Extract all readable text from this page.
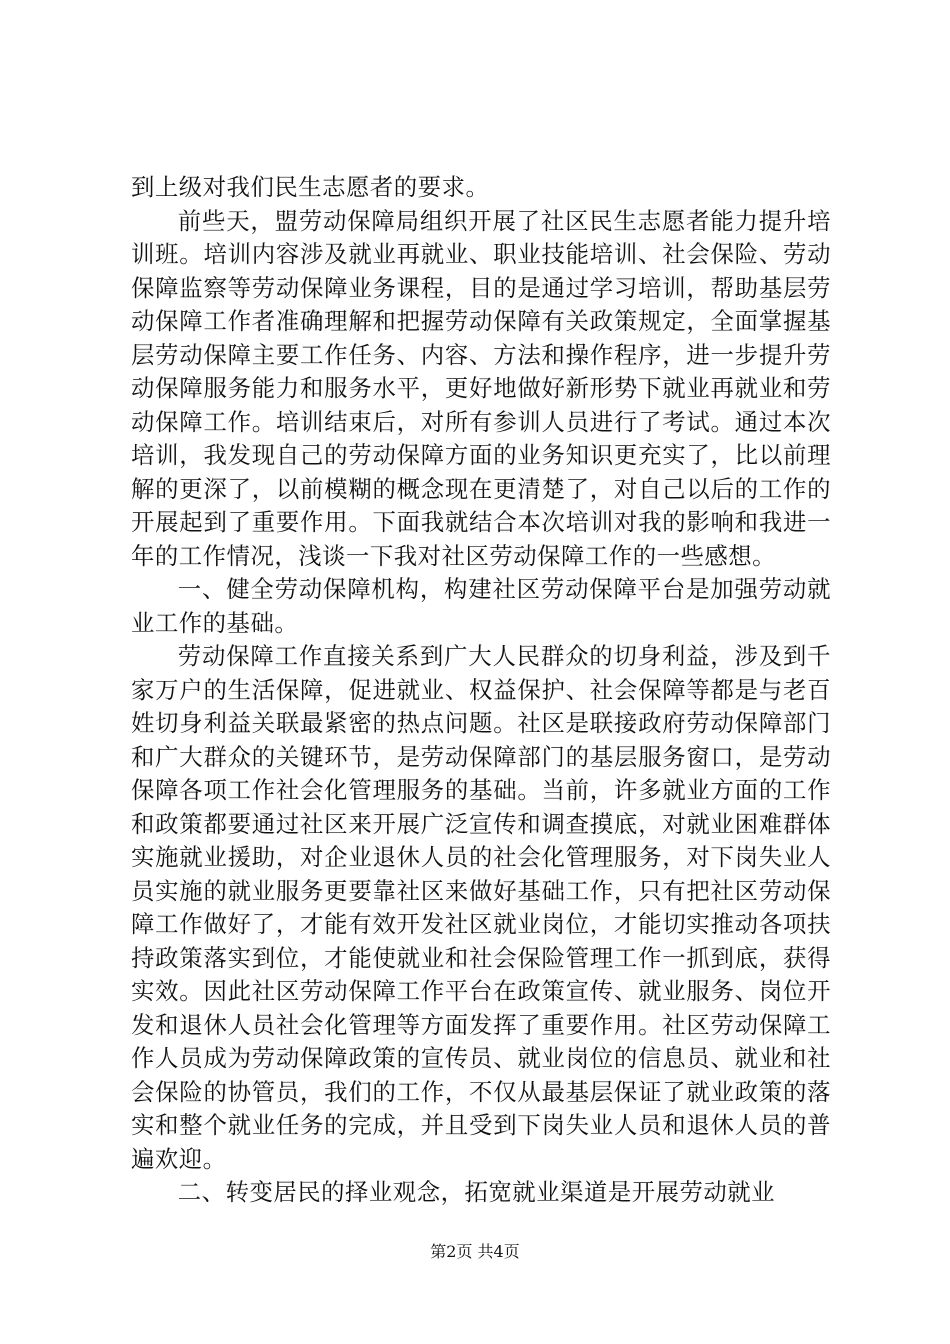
到上级对我们民生志愿者的要求。

前些天，盟劳动保障局组织开展了社区民生志愿者能力提升培训班。培训内容涉及就业再就业、职业技能培训、社会保险、劳动保障监察等劳动保障业务课程，目的是通过学习培训，帮助基层劳动保障工作者准确理解和把握劳动保障有关政策规定，全面掌握基层劳动保障主要工作任务、内容、方法和操作程序，进一步提升劳动保障服务能力和服务水平，更好地做好新形势下就业再就业和劳动保障工作。培训结束后，对所有参训人员进行了考试。通过本次培训，我发现自己的劳动保障方面的业务知识更充实了，比以前理解的更深了，以前模糊的概念现在更清楚了，对自己以后的工作的开展起到了重要作用。下面我就结合本次培训对我的影响和我进一年的工作情况，浅谈一下我对社区劳动保障工作的一些感想。

一、健全劳动保障机构，构建社区劳动保障平台是加强劳动就业工作的基础。

劳动保障工作直接关系到广大人民群众的切身利益，涉及到千家万户的生活保障，促进就业、权益保护、社会保障等都是与老百姓切身利益关联最紧密的热点问题。社区是联接政府劳动保障部门和广大群众的关键环节，是劳动保障部门的基层服务窗口，是劳动保障各项工作社会化管理服务的基础。当前，许多就业方面的工作和政策都要通过社区来开展广泛宣传和调查摸底，对就业困难群体实施就业援助，对企业退休人员的社会化管理服务，对下岗失业人员实施的就业服务更要靠社区来做好基础工作，只有把社区劳动保障工作做好了，才能有效开发社区就业岗位，才能切实推动各项扶持政策落实到位，才能使就业和社会保险管理工作一抓到底，获得实效。因此社区劳动保障工作平台在政策宣传、就业服务、岗位开发和退休人员社会化管理等方面发挥了重要作用。社区劳动保障工作人员成为劳动保障政策的宣传员、就业岗位的信息员、就业和社会保险的协管员，我们的工作，不仅从最基层保证了就业政策的落实和整个就业任务的完成，并且受到下岗失业人员和退休人员的普遍欢迎。

二、转变居民的择业观念，拓宽就业渠道是开展劳动就业

第2页 共4页
